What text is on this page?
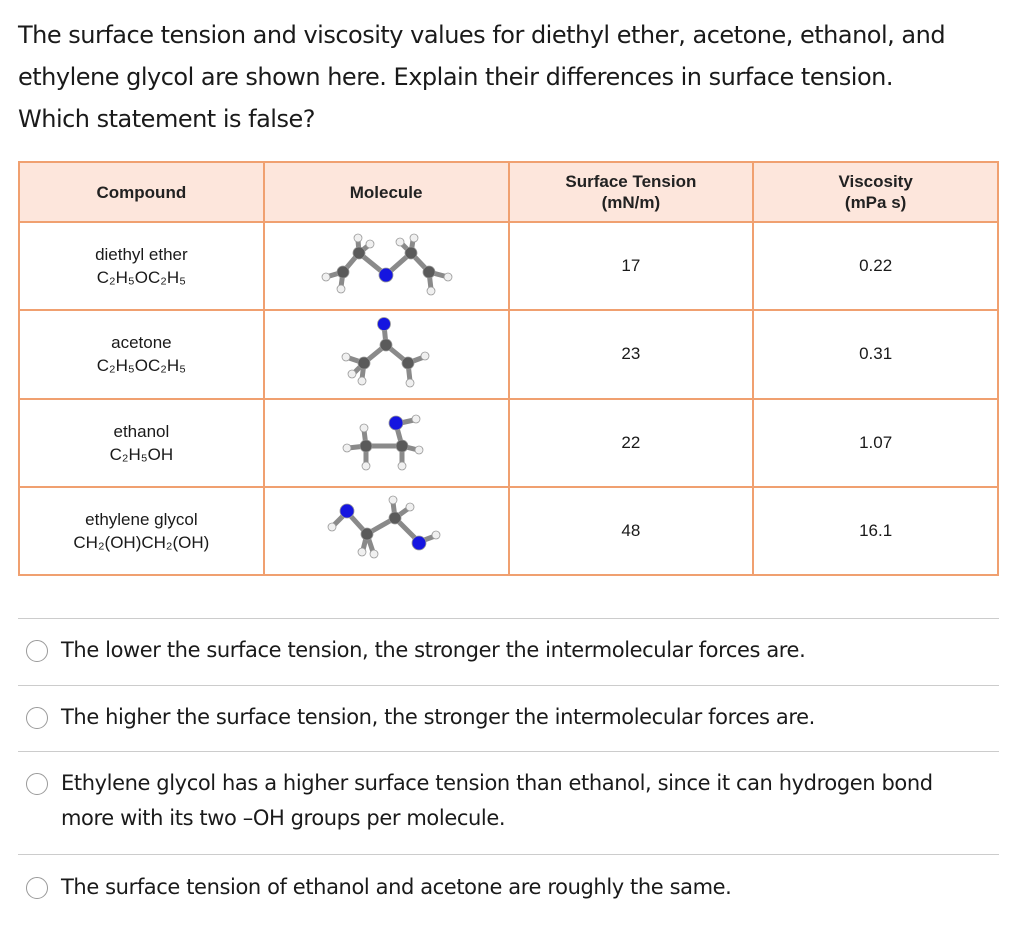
The surface tension and viscosity values for diethyl ether, acetone, ethanol, and

ethylene glycol are shown here. Explain their differences in surface tension.

Which statement is false?

Compound	Molecule	Surface Tension
(mN/m)	Viscosity
(mPa s)

diethyl ether
C₂H₅OC₂H₅		17	0.22

acetone
C₂H₅OC₂H₅		23	0.31

ethanol
C₂H₅OH		22	1.07

ethylene glycol
CH₂(OH)CH₂(OH)		48	16.1
The lower the surface tension, the stronger the intermolecular forces are.
The higher the surface tension, the stronger the intermolecular forces are.
Ethylene glycol has a higher surface tension than ethanol, since it can hydrogen bond more with its two –OH groups per molecule.
The surface tension of ethanol and acetone are roughly the same.
